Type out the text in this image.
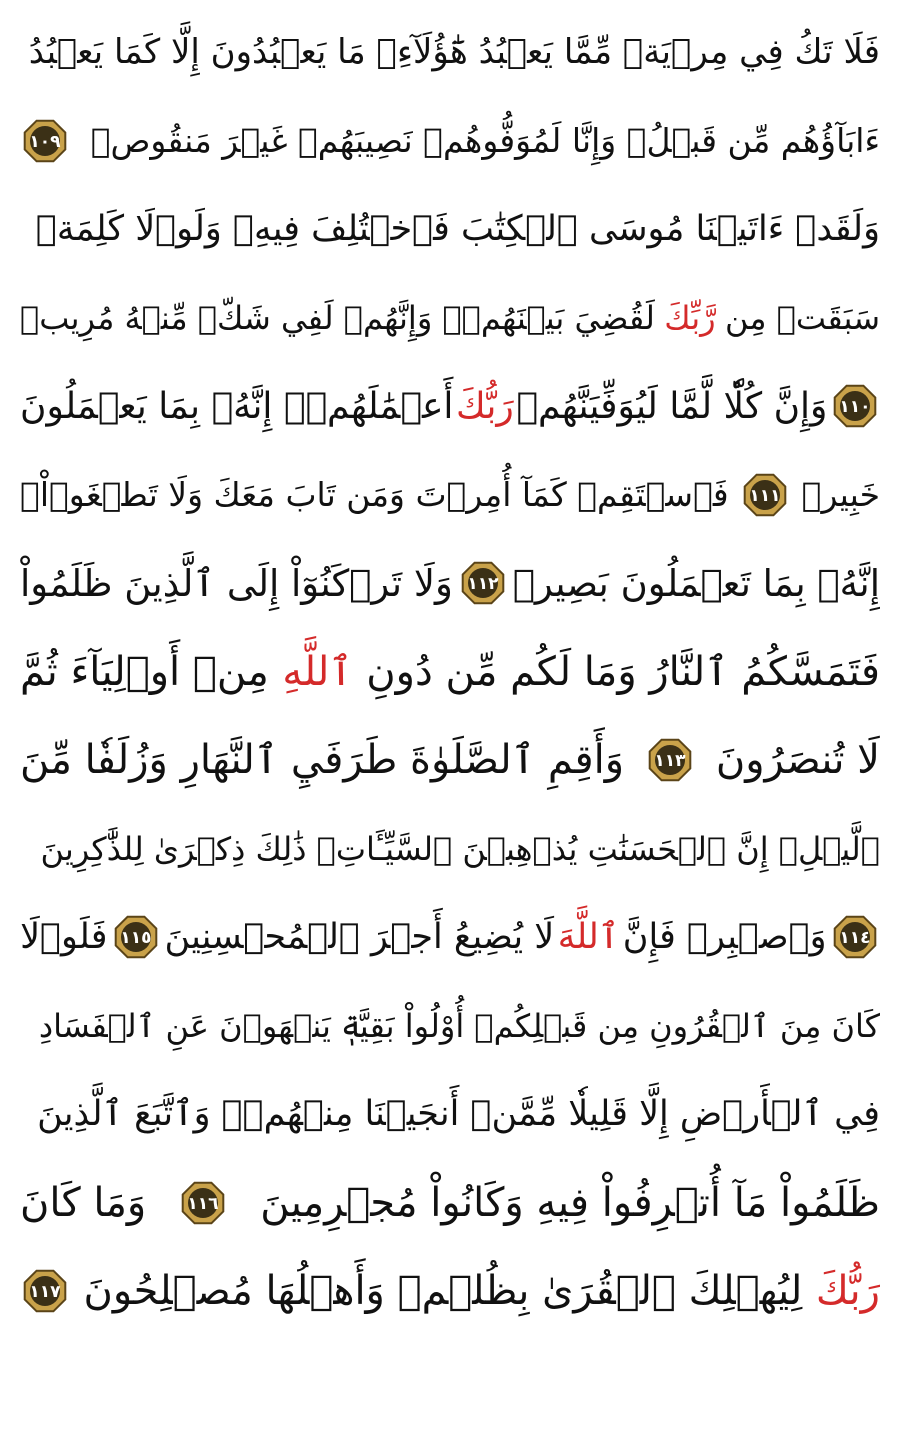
فَلَا تَكُ فِي مِرۡيَةٖ مِّمَّا يَعۡبُدُ هَٰٓؤُلَآءِۚ مَا يَعۡبُدُونَ إِلَّا كَمَا يَعۡبُدُ
ءَابَآؤُهُم مِّن قَبۡلُۚ وَإِنَّا لَمُوَفُّوهُمۡ نَصِيبَهُمۡ غَيۡرَ مَنقُوصٖ
١٠٩
وَلَقَدۡ ءَاتَيۡنَا مُوسَى ٱلۡكِتَٰبَ فَٱخۡتُلِفَ فِيهِۚ وَلَوۡلَا كَلِمَةٞ
سَبَقَتۡ مِن
رَّبِّكَ
لَقُضِيَ بَيۡنَهُمۡۚ وَإِنَّهُمۡ لَفِي شَكّٖ مِّنۡهُ مُرِيبٖ
١١٠
وَإِنَّ كُلّٗا لَّمَّا لَيُوَفِّيَنَّهُمۡ
رَبُّكَ
أَعۡمَٰلَهُمۡۚ إِنَّهُۥ بِمَا يَعۡمَلُونَ
خَبِيرٞ
١١١
فَٱسۡتَقِمۡ كَمَآ أُمِرۡتَ وَمَن تَابَ مَعَكَ وَلَا تَطۡغَوۡاْۚ
إِنَّهُۥ بِمَا تَعۡمَلُونَ بَصِيرٞ
١١٢
وَلَا تَرۡكَنُوٓاْ إِلَى ٱلَّذِينَ ظَلَمُواْ
فَتَمَسَّكُمُ ٱلنَّارُ وَمَا لَكُم مِّن دُونِ
ٱللَّهِ
مِنۡ أَوۡلِيَآءَ ثُمَّ
لَا تُنصَرُونَ
١١٣
وَأَقِمِ ٱلصَّلَوٰةَ طَرَفَيِ ٱلنَّهَارِ وَزُلَفٗا مِّنَ
ٱلَّيۡلِۚ إِنَّ ٱلۡحَسَنَٰتِ يُذۡهِبۡنَ ٱلسَّيِّـَٔاتِۚ ذَٰلِكَ ذِكۡرَىٰ لِلذَّٰكِرِينَ
١١٤
وَٱصۡبِرۡ فَإِنَّ
ٱللَّهَ
لَا يُضِيعُ أَجۡرَ ٱلۡمُحۡسِنِينَ
١١٥
فَلَوۡلَا
كَانَ مِنَ ٱلۡقُرُونِ مِن قَبۡلِكُمۡ أُوْلُواْ بَقِيَّةٖ يَنۡهَوۡنَ عَنِ ٱلۡفَسَادِ
فِي ٱلۡأَرۡضِ إِلَّا قَلِيلٗا مِّمَّنۡ أَنجَيۡنَا مِنۡهُمۡۗ وَٱتَّبَعَ ٱلَّذِينَ
ظَلَمُواْ مَآ أُتۡرِفُواْ فِيهِ وَكَانُواْ مُجۡرِمِينَ
١١٦
وَمَا كَانَ
رَبُّكَ
لِيُهۡلِكَ ٱلۡقُرَىٰ بِظُلۡمٖ وَأَهۡلُهَا مُصۡلِحُونَ
١١٧
